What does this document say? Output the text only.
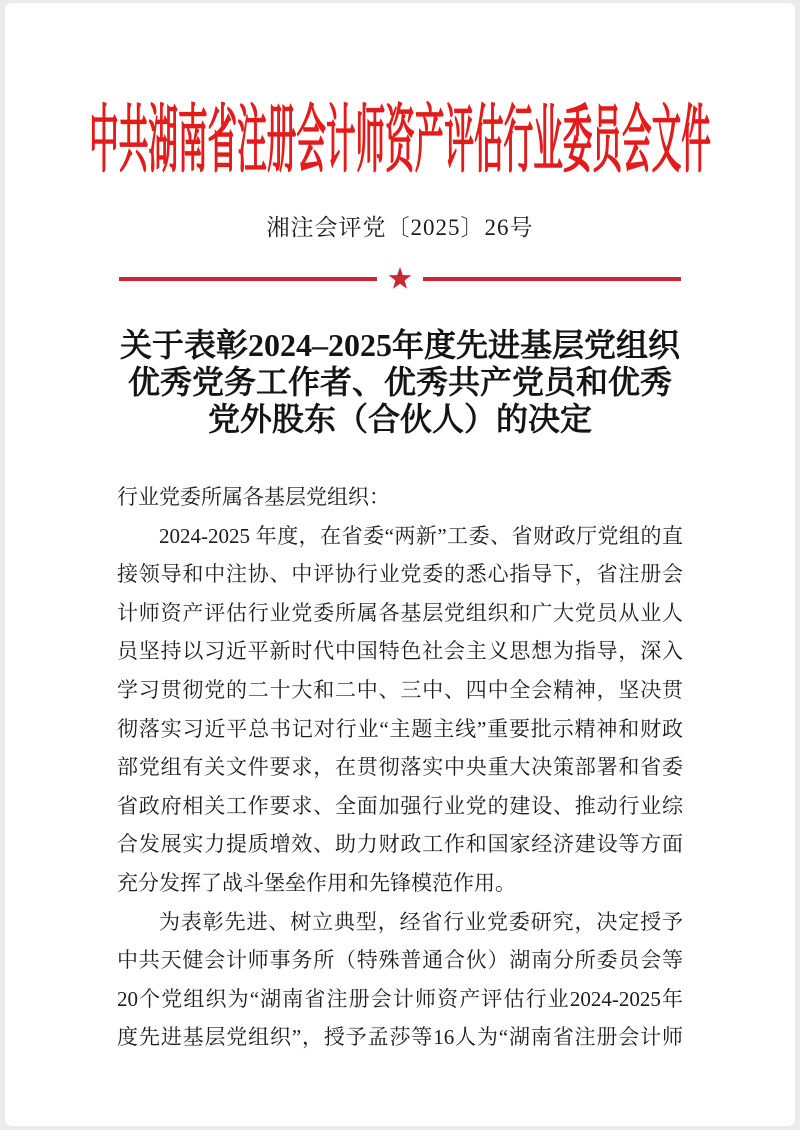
中共湖南省注册会计师资产评估行业委员会文件
湘注会评党〔2025〕26号
关于表彰2024–2025年度先进基层党组织
优秀党务工作者、优秀共产党员和优秀
党外股东（合伙人）的决定
行业党委所属各基层党组织：
2024-2025 年度，在省委“两新”工委、省财政厅党组的直
接领导和中注协、中评协行业党委的悉心指导下，省注册会
计师资产评估行业党委所属各基层党组织和广大党员从业人
员坚持以习近平新时代中国特色社会主义思想为指导，深入
学习贯彻党的二十大和二中、三中、四中全会精神，坚决贯
彻落实习近平总书记对行业“主题主线”重要批示精神和财政
部党组有关文件要求，在贯彻落实中央重大决策部署和省委
省政府相关工作要求、全面加强行业党的建设、推动行业综
合发展实力提质增效、助力财政工作和国家经济建设等方面
充分发挥了战斗堡垒作用和先锋模范作用。
为表彰先进、树立典型，经省行业党委研究，决定授予
中共天健会计师事务所（特殊普通合伙）湖南分所委员会等
20个党组织为“湖南省注册会计师资产评估行业2024-2025年
度先进基层党组织”，授予孟莎等16人为“湖南省注册会计师
